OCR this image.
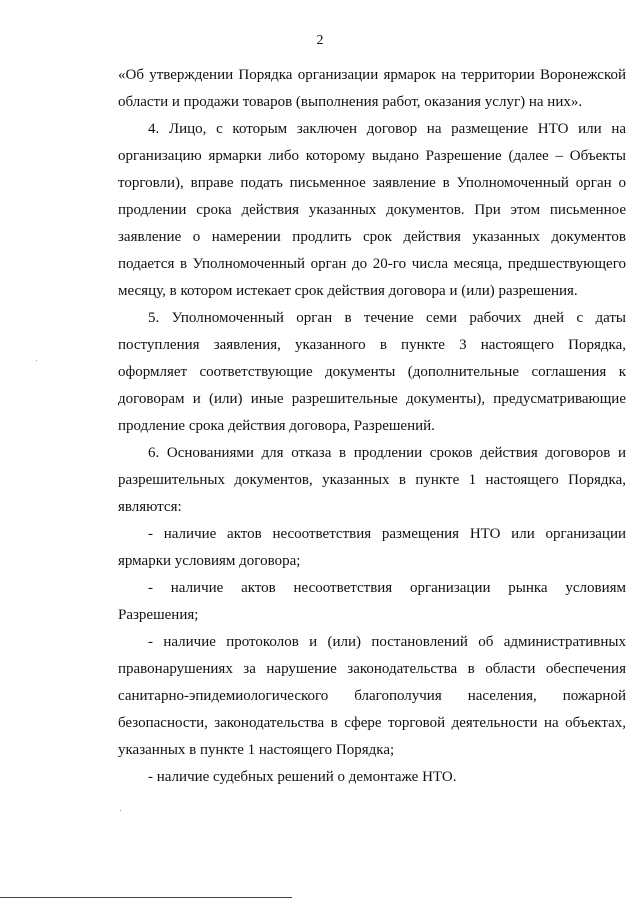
2
«Об утверждении Порядка организации ярмарок на территории Воронежской
области и продажи товаров (выполнения работ, оказания услуг) на них».
4. Лицо, с которым заключен договор на размещение НТО или на
организацию ярмарки либо которому выдано Разрешение (далее – Объекты
торговли), вправе подать письменное заявление в Уполномоченный орган о
продлении срока действия указанных документов. При этом письменное
заявление о намерении продлить срок действия указанных документов
подается в Уполномоченный орган до 20-го числа месяца, предшествующего
месяцу, в котором истекает срок действия договора и (или) разрешения.
5. Уполномоченный орган в течение семи рабочих дней с даты
поступления заявления, указанного в пункте 3 настоящего Порядка,
оформляет соответствующие документы (дополнительные соглашения к
договорам и (или) иные разрешительные документы), предусматривающие
продление срока действия договора, Разрешений.
6. Основаниями для отказа в продлении сроков действия договоров и
разрешительных документов, указанных в пункте 1 настоящего Порядка,
являются:
- наличие актов несоответствия размещения НТО или организации
ярмарки условиям договора;
- наличие актов несоответствия организации рынка условиям
Разрешения;
- наличие протоколов и (или) постановлений об административных
правонарушениях за нарушение законодательства в области обеспечения
санитарно-эпидемиологического благополучия населения, пожарной
безопасности, законодательства в сфере торговой деятельности на объектах,
указанных в пункте 1 настоящего Порядка;
- наличие судебных решений о демонтаже НТО.
